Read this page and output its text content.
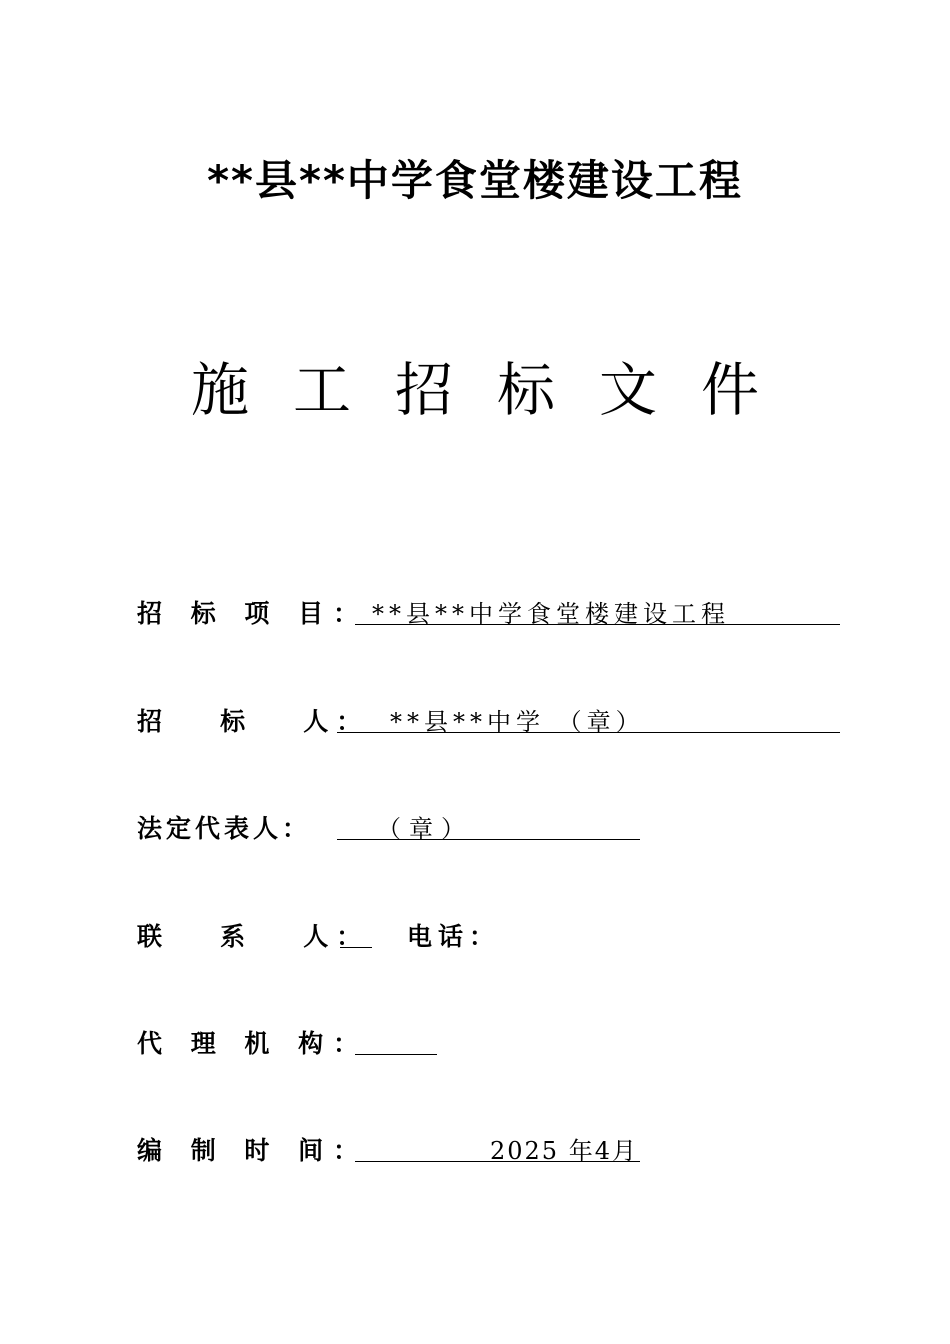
**县**中学食堂楼建设工程
施工招标文件
招 标 项 目： **县**中学食堂楼建设工程
招   标   人： **县**中学 （章）
法定代表人：	（章）
联   系   人： 电话：
代 理 机 构：
编 制 时 间：	2025 年4月
